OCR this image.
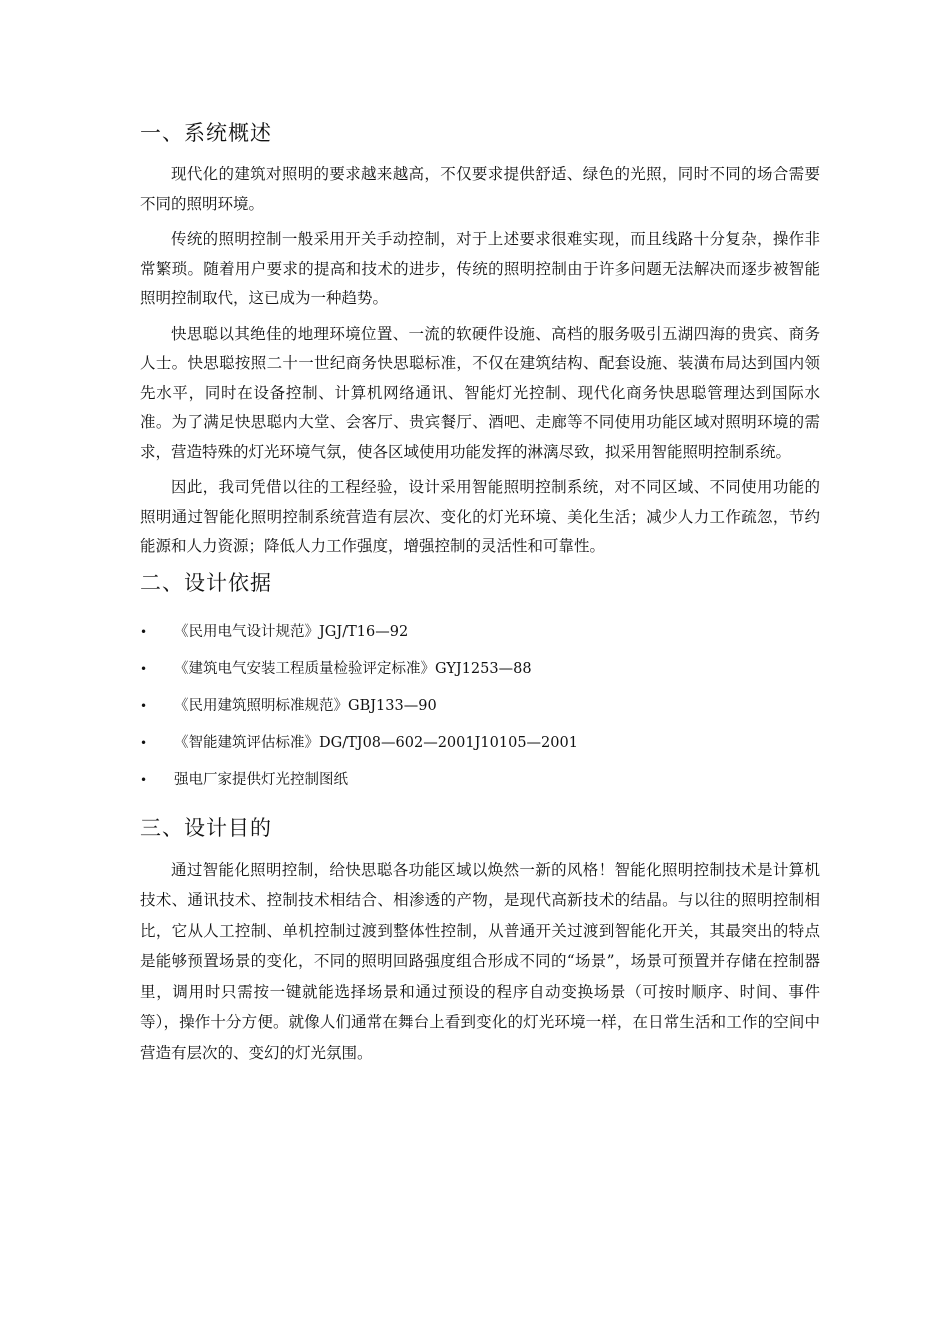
一、系统概述

现代化的建筑对照明的要求越来越高，不仅要求提供舒适、绿色的光照，同时不同的场合需要不同的照明环境。

传统的照明控制一般采用开关手动控制，对于上述要求很难实现，而且线路十分复杂，操作非常繁琐。随着用户要求的提高和技术的进步，传统的照明控制由于许多问题无法解决而逐步被智能照明控制取代，这已成为一种趋势。

快思聪以其绝佳的地理环境位置、一流的软硬件设施、高档的服务吸引五湖四海的贵宾、商务人士。快思聪按照二十一世纪商务快思聪标准，不仅在建筑结构、配套设施、装潢布局达到国内领先水平，同时在设备控制、计算机网络通讯、智能灯光控制、现代化商务快思聪管理达到国际水准。为了满足快思聪内大堂、会客厅、贵宾餐厅、酒吧、走廊等不同使用功能区域对照明环境的需求，营造特殊的灯光环境气氛，使各区域使用功能发挥的淋漓尽致，拟采用智能照明控制系统。

因此，我司凭借以往的工程经验，设计采用智能照明控制系统，对不同区域、不同使用功能的照明通过智能化照明控制系统营造有层次、变化的灯光环境、美化生活；减少人力工作疏忽，节约能源和人力资源；降低人力工作强度，增强控制的灵活性和可靠性。

二、设计依据
• 《民用电气设计规范》JGJ/T16—92
• 《建筑电气安装工程质量检验评定标准》GYJ1253—88
• 《民用建筑照明标准规范》GBJ133—90
• 《智能建筑评估标准》DG/TJ08—602—2001J10105—2001
• 强电厂家提供灯光控制图纸
三、设计目的

通过智能化照明控制，给快思聪各功能区域以焕然一新的风格！智能化照明控制技术是计算机技术、通讯技术、控制技术相结合、相渗透的产物，是现代高新技术的结晶。与以往的照明控制相比，它从人工控制、单机控制过渡到整体性控制，从普通开关过渡到智能化开关，其最突出的特点是能够预置场景的变化，不同的照明回路强度组合形成不同的“场景”，场景可预置并存储在控制器里，调用时只需按一键就能选择场景和通过预设的程序自动变换场景（可按时顺序、时间、事件等），操作十分方便。就像人们通常在舞台上看到变化的灯光环境一样，在日常生活和工作的空间中营造有层次的、变幻的灯光氛围。
